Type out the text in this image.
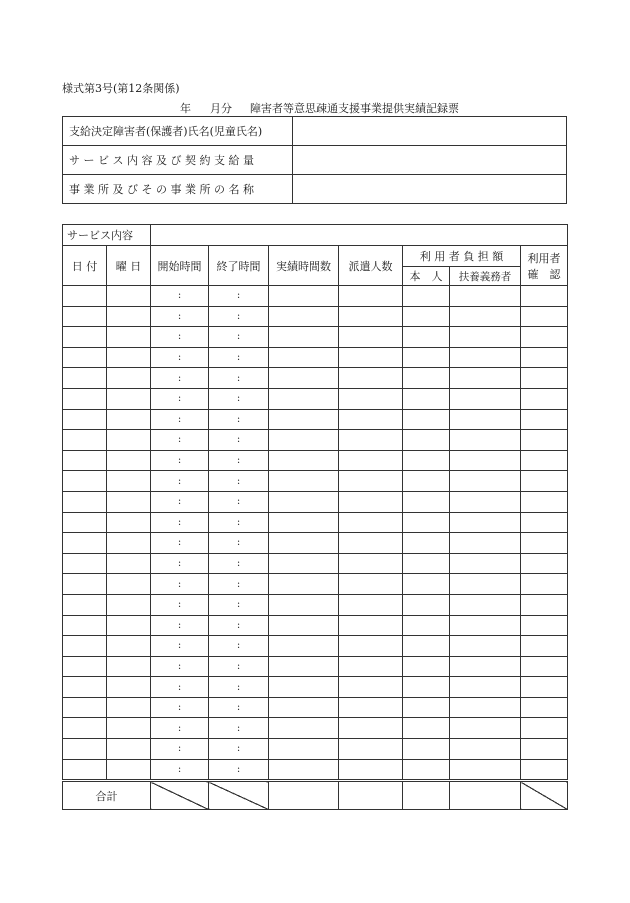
様式第3号(第12条関係)
年 月分 障害者等意思疎通支援事業提供実績記録票
支給決定障害者(保護者)氏名(児童氏名)	
サ ー ビ ス 内 容 及 び 契 約 支 給 量	
事 業 所 及 び そ の 事 業 所 の 名 称	
サービス内容								
日 付	曜 日	開始時間	終了時間	実績時間数	派遣人数	利 用 者 負 担 額		利用者
確　認

						本　人	扶養義務者	
		:	:					
		:	:					
		:	:					
		:	:					
		:	:					
		:	:					
		:	:					
		:	:					
		:	:					
		:	:					
		:	:					
		:	:					
		:	:					
		:	:					
		:	:					
		:	:					
		:	:					
		:	:					
		:	:					
		:	:					
		:	:					
		:	:					
		:	:					
		:	:					
合計								
